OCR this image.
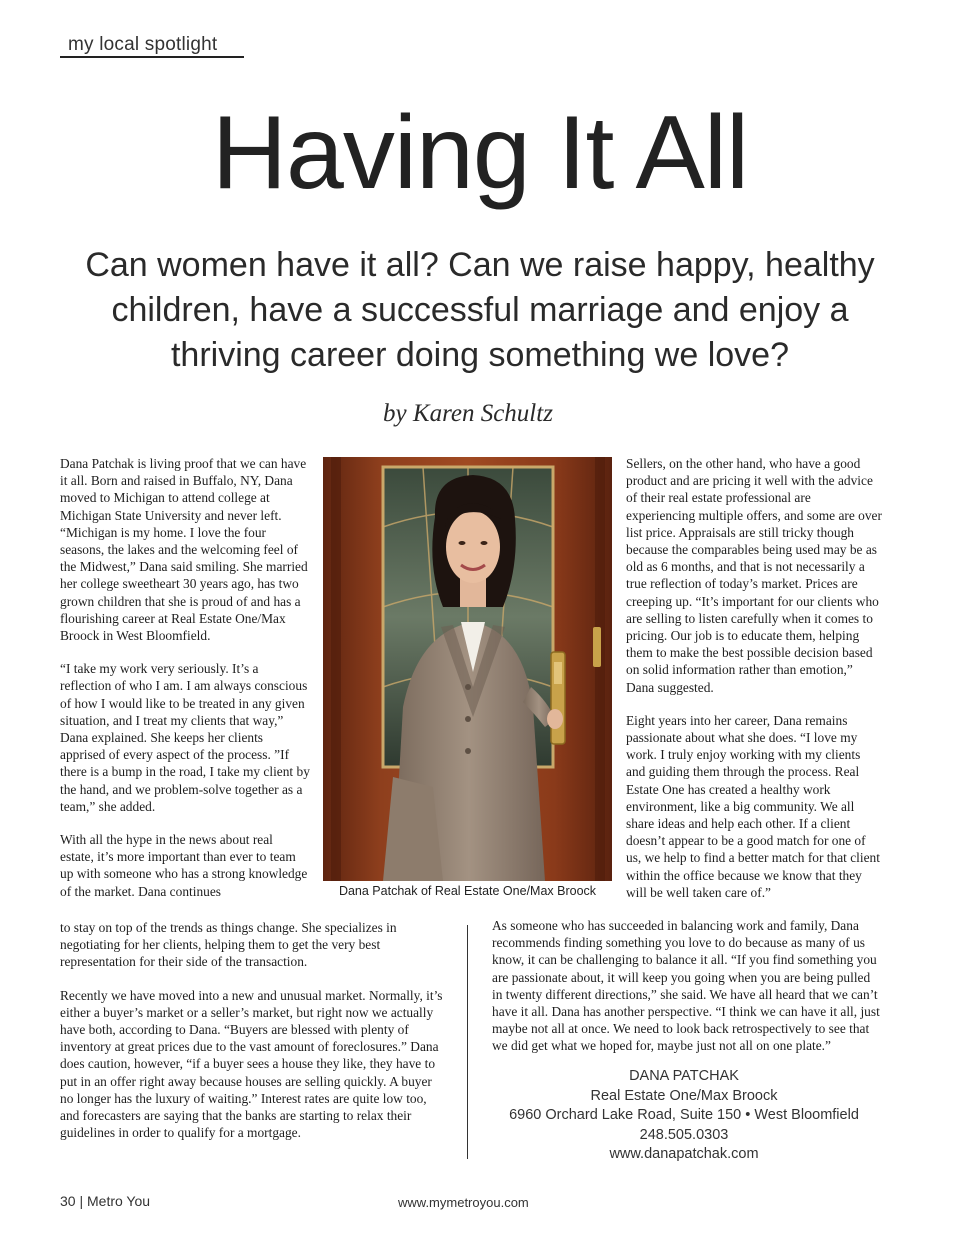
my local spotlight
Having It All
Can women have it all? Can we raise happy, healthy children, have a successful marriage and enjoy a thriving career doing something we love?
by Karen Schultz

Dana Patchak is living proof that we can have it all. Born and raised in Buffalo, NY, Dana moved to Michigan to attend college at Michigan State University and never left. “Michigan is my home. I love the four seasons, the lakes and the welcoming feel of the Midwest,” Dana said smiling. She married her college sweetheart 30 years ago, has two grown children that she is proud of and has a flourishing career at Real Estate One/Max Broock in West Bloomfield.

“I take my work very seriously. It’s a reflection of who I am. I am always conscious of how I would like to be treated in any given situation, and I treat my clients that way,” Dana explained. She keeps her clients apprised of every aspect of the process. ”If there is a bump in the road, I take my client by the hand, and we problem-solve together as a team,” she added.

With all the hype in the news about real estate, it’s more important than ever to team up with someone who has a strong knowledge of the market. Dana continues	Dana Patchak of Real Estate One/Max Broock

Sellers, on the other hand, who have a good product and are pricing it well with the advice of their real estate professional are experiencing multiple offers, and some are over list price. Appraisals are still tricky though because the comparables being used may be as old as 6 months, and that is not necessarily a true reflection of today’s market. Prices are creeping up. “It’s important for our clients who are selling to listen carefully when it comes to pricing. Our job is to educate them, helping them to make the best possible decision based on solid information rather than emotion,” Dana suggested.

Eight years into her career, Dana remains passionate about what she does. “I love my work. I truly enjoy working with my clients and guiding them through the process. Real Estate One has created a healthy work environment, like a big community. We all share ideas and help each other. If a client doesn’t appear to be a good match for one of us, we help to find a better match for that client within the office because we know that they will be well taken care of.”

to stay on top of the trends as things change. She specializes in negotiating for her clients, helping them to get the very best representation for their side of the transaction.

Recently we have moved into a new and unusual market. Normally, it’s either a buyer’s market or a seller’s market, but right now we actually have both, according to Dana. “Buyers are blessed with plenty of inventory at great prices due to the vast amount of foreclosures.” Dana does caution, however, “if a buyer sees a house they like, they have to put in an offer right away because houses are selling quickly. A buyer no longer has the luxury of waiting.” Interest rates are quite low too, and forecasters are saying that the banks are starting to relax their guidelines in order to qualify for a mortgage.

As someone who has succeeded in balancing work and family, Dana recommends finding something you love to do because as many of us know, it can be challenging to balance it all. “If you find something you are passionate about, it will keep you going when you are being pulled in twenty different directions,” she said. We have all heard that we can’t have it all. Dana has another perspective. “I think we can have it all, just maybe not all at once. We need to look back retrospectively to see that we did get what we hoped for, maybe just not all on one plate.”

DANA PATCHAK
Real Estate One/Max Broock
6960 Orchard Lake Road, Suite 150 • West Bloomfield
248.505.0303
www.danapatchak.com
30 | Metro You	www.mymetroyou.com
